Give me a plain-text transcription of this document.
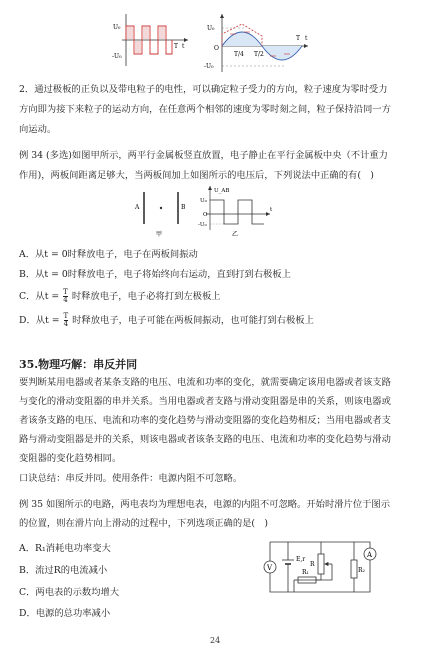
U₀
-U₀
T t
U₀
-U₀
O
T/4 T/2
T t
2．通过极板的正负以及带电粒子的电性，可以确定粒子受力的方向，粒子速度为零时受力
方向即为接下来粒子的运动方向，在任意两个相邻的速度为零时刻之间，粒子保持沿同一方
向运动。
例 34 (多选)如图甲所示，两平行金属板竖直放置，电子静止在平行金属板中央（不计重力
作用)，两板间距离足够大，当两板间加上如图所示的电压后，下列说法中正确的有(　)
A	B
甲
U_AB
U₀
O
-U₀
t
乙
A．从t = 0时释放电子，电子在两板间振动
B．从t = 0时释放电子，电子将始终向右运动，直到打到右极板上
C．从$t = \frac{T}{4}$ 时释放电子，电子必将打到左极板上
D．从$t = \frac{T}{4}$ 时释放电子，电子可能在两板间振动，也可能打到右极板上
35.物理巧解：串反并同
要判断某用电器或者某条支路的电压、电流和功率的变化，就需要确定该用电器或者该支路
与变化的滑动变阻器的串并关系。当用电器或者支路与滑动变阻器是串的关系，则该电器或
者该条支路的电压、电流和功率的变化趋势与滑动变阻器的变化趋势相反；当用电器或者支
路与滑动变阻器是并的关系，则该电器或者该条支路的电压、电流和功率的变化趋势与滑动
变阻器的变化趋势相同。
口诀总结：串反并同。使用条件：电源内阻不可忽略。
例 35 如图所示的电路，两电表均为理想电表，电源的内阻不可忽略。开始时滑片位于图示
的位置，则在滑片向上滑动的过程中，下列选项正确的是(　)
A．R₁消耗电功率变大
B．流过R的电流减小
C．两电表的示数均增大
D．电源的总功率减小
V
A
E,r
R
R₁	R₂
24
